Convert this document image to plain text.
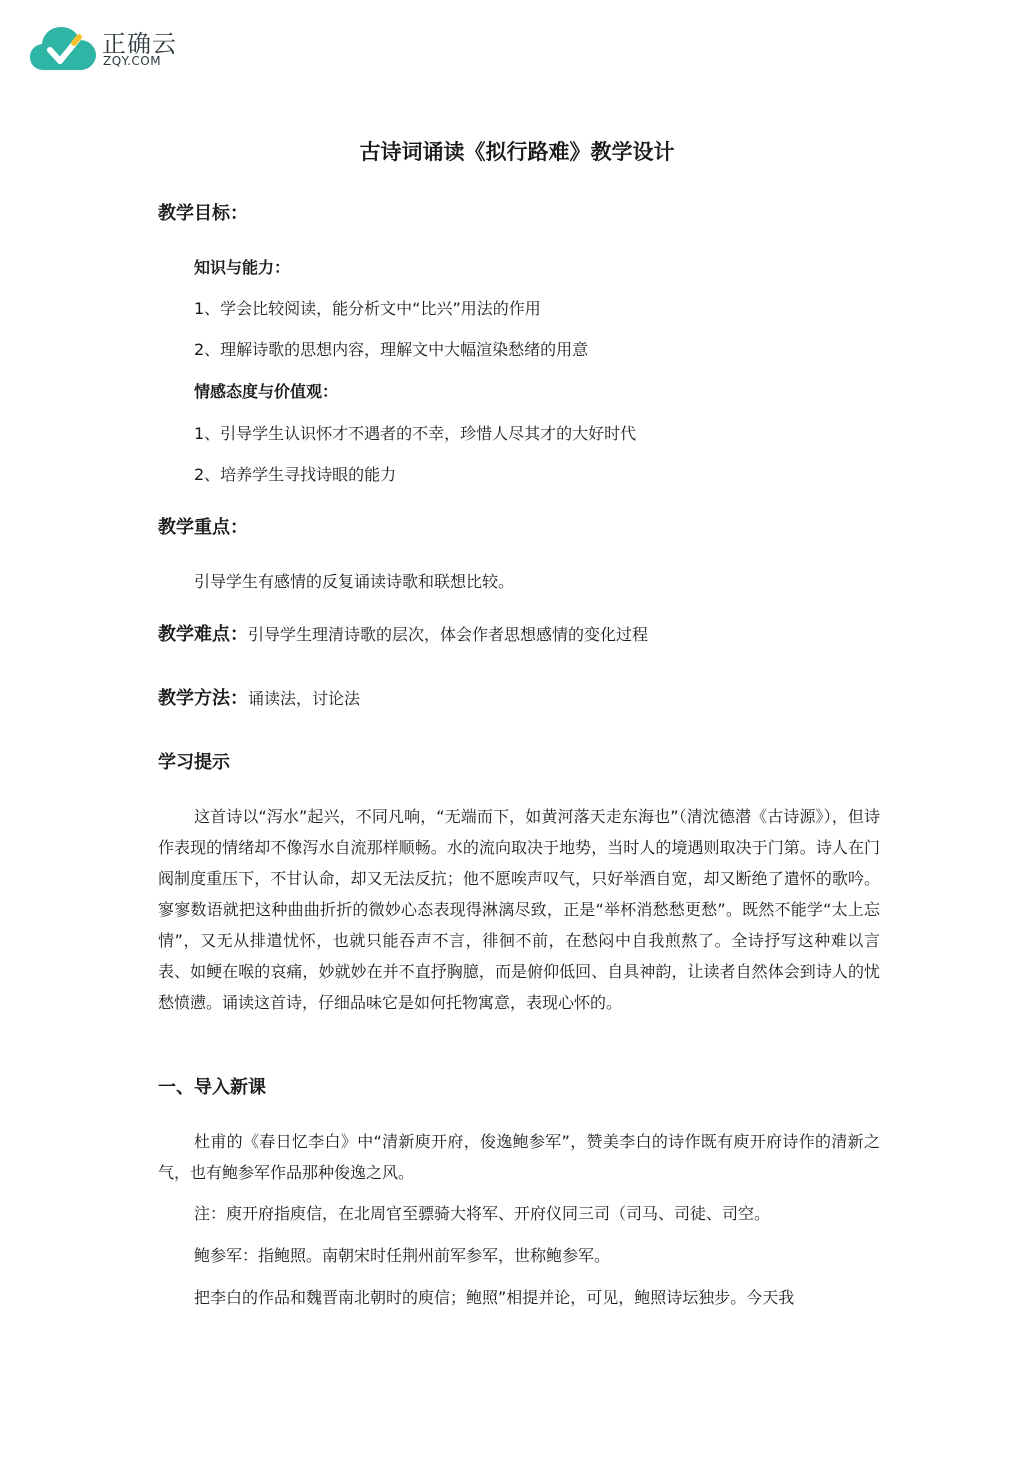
正确云
ZQY.COM
古诗词诵读《拟行路难》教学设计
教学目标：
知识与能力：
1、学会比较阅读，能分析文中“比兴”用法的作用
2、理解诗歌的思想内容，理解文中大幅渲染愁绪的用意
情感态度与价值观：
1、引导学生认识怀才不遇者的不幸，珍惜人尽其才的大好时代
2、培养学生寻找诗眼的能力
教学重点：
引导学生有感情的反复诵读诗歌和联想比较。
教学难点：引导学生理清诗歌的层次，体会作者思想感情的变化过程
教学方法：诵读法，讨论法
学习提示
这首诗以“泻水”起兴，不同凡响，“无端而下，如黄河落天走东海也”（清沈德潜《古诗源》），但诗作表现的情绪却不像泻水自流那样顺畅。水的流向取决于地势，当时人的境遇则取决于门第。诗人在门阀制度重压下，不甘认命，却又无法反抗；他不愿唉声叹气，只好举酒自宽，却又断绝了遣怀的歌吟。寥寥数语就把这种曲曲折折的微妙心态表现得淋漓尽致，正是“举杯消愁愁更愁”。既然不能学“太上忘情”，又无从排遣忧怀，也就只能吞声不言，徘徊不前，在愁闷中自我煎熬了。全诗抒写这种难以言表、如鲠在喉的哀痛，妙就妙在并不直抒胸臆，而是俯仰低回、自具神韵，让读者自然体会到诗人的忧愁愤懑。诵读这首诗，仔细品味它是如何托物寓意，表现心怀的。
一、导入新课
杜甫的《春日忆李白》中“清新庾开府，俊逸鲍参军”，赞美李白的诗作既有庾开府诗作的清新之气，也有鲍参军作品那种俊逸之风。
注：庾开府指庾信，在北周官至骠骑大将军、开府仪同三司（司马、司徒、司空。
鲍参军：指鲍照。南朝宋时任荆州前军参军，世称鲍参军。
把李白的作品和魏晋南北朝时的庾信；鲍照”相提并论，可见，鲍照诗坛独步。今天我
